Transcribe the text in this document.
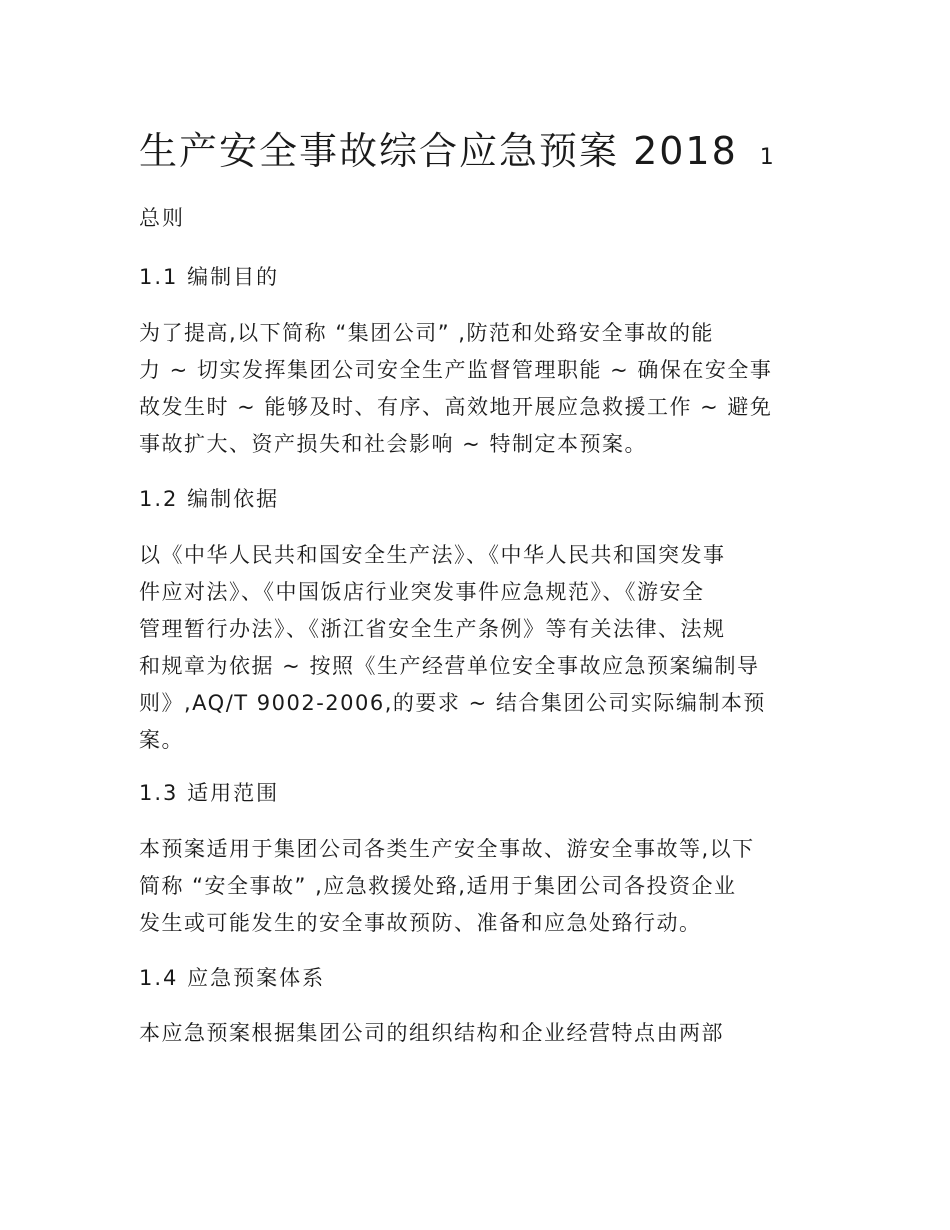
生产安全事故综合应急预案 2018 1
总则
1.1 编制目的
为了提高,以下简称 “集团公司” ,防范和处臵安全事故的能
力 ~ 切实发挥集团公司安全生产监督管理职能 ~ 确保在安全事
故发生时 ~ 能够及时、有序、高效地开展应急救援工作 ~ 避免
事故扩大、资产损失和社会影响 ~ 特制定本预案。
1.2 编制依据
以《中华人民共和国安全生产法》、《中华人民共和国突发事
件应对法》、《中国饭店行业突发事件应急规范》、《游安全
管理暂行办法》、《浙江省安全生产条例》等有关法律、法规
和规章为依据 ~ 按照《生产经营单位安全事故应急预案编制导
则》,AQ/T 9002-2006,的要求 ~ 结合集团公司实际编制本预
案。
1.3 适用范围
本预案适用于集团公司各类生产安全事故、游安全事故等,以下
简称 “安全事故” ,应急救援处臵,适用于集团公司各投资企业
发生或可能发生的安全事故预防、准备和应急处臵行动。
1.4 应急预案体系
本应急预案根据集团公司的组织结构和企业经营特点由两部
